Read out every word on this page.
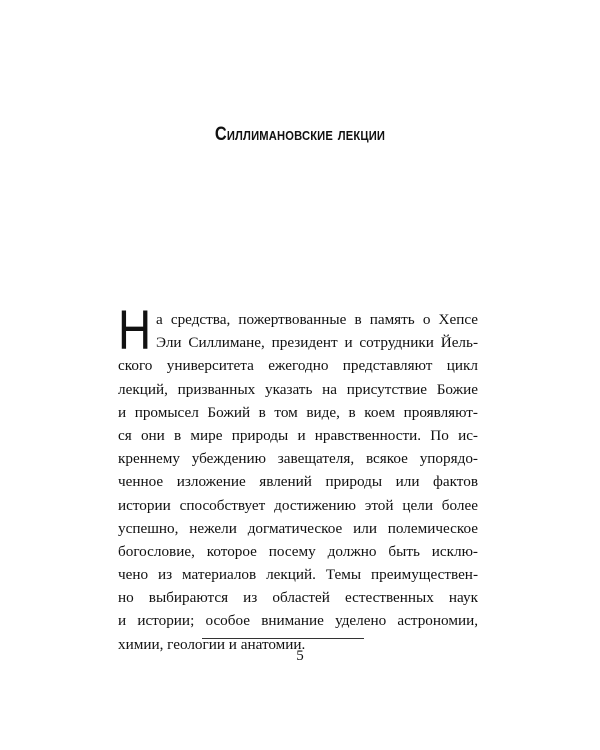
Силлимановские лекции
Н а средства, пожертвованные в память о Хепсе
Эли Силлимане, президент и сотрудники Йель-
ского университета ежегодно представляют цикл
лекций, призванных указать на присутствие Божие
и промысел Божий в том виде, в коем проявляют-
ся они в мире природы и нравственности. По ис-
креннему убеждению завещателя, всякое упорядо-
ченное изложение явлений природы или фактов
истории способствует достижению этой цели более
успешно, нежели догматическое или полемическое
богословие, которое посему должно быть исклю-
чено из материалов лекций. Темы преимуществен-
но выбираются из областей естественных наук
и истории; особое внимание уделено астрономии,
химии, геологии и анатомии.
5
